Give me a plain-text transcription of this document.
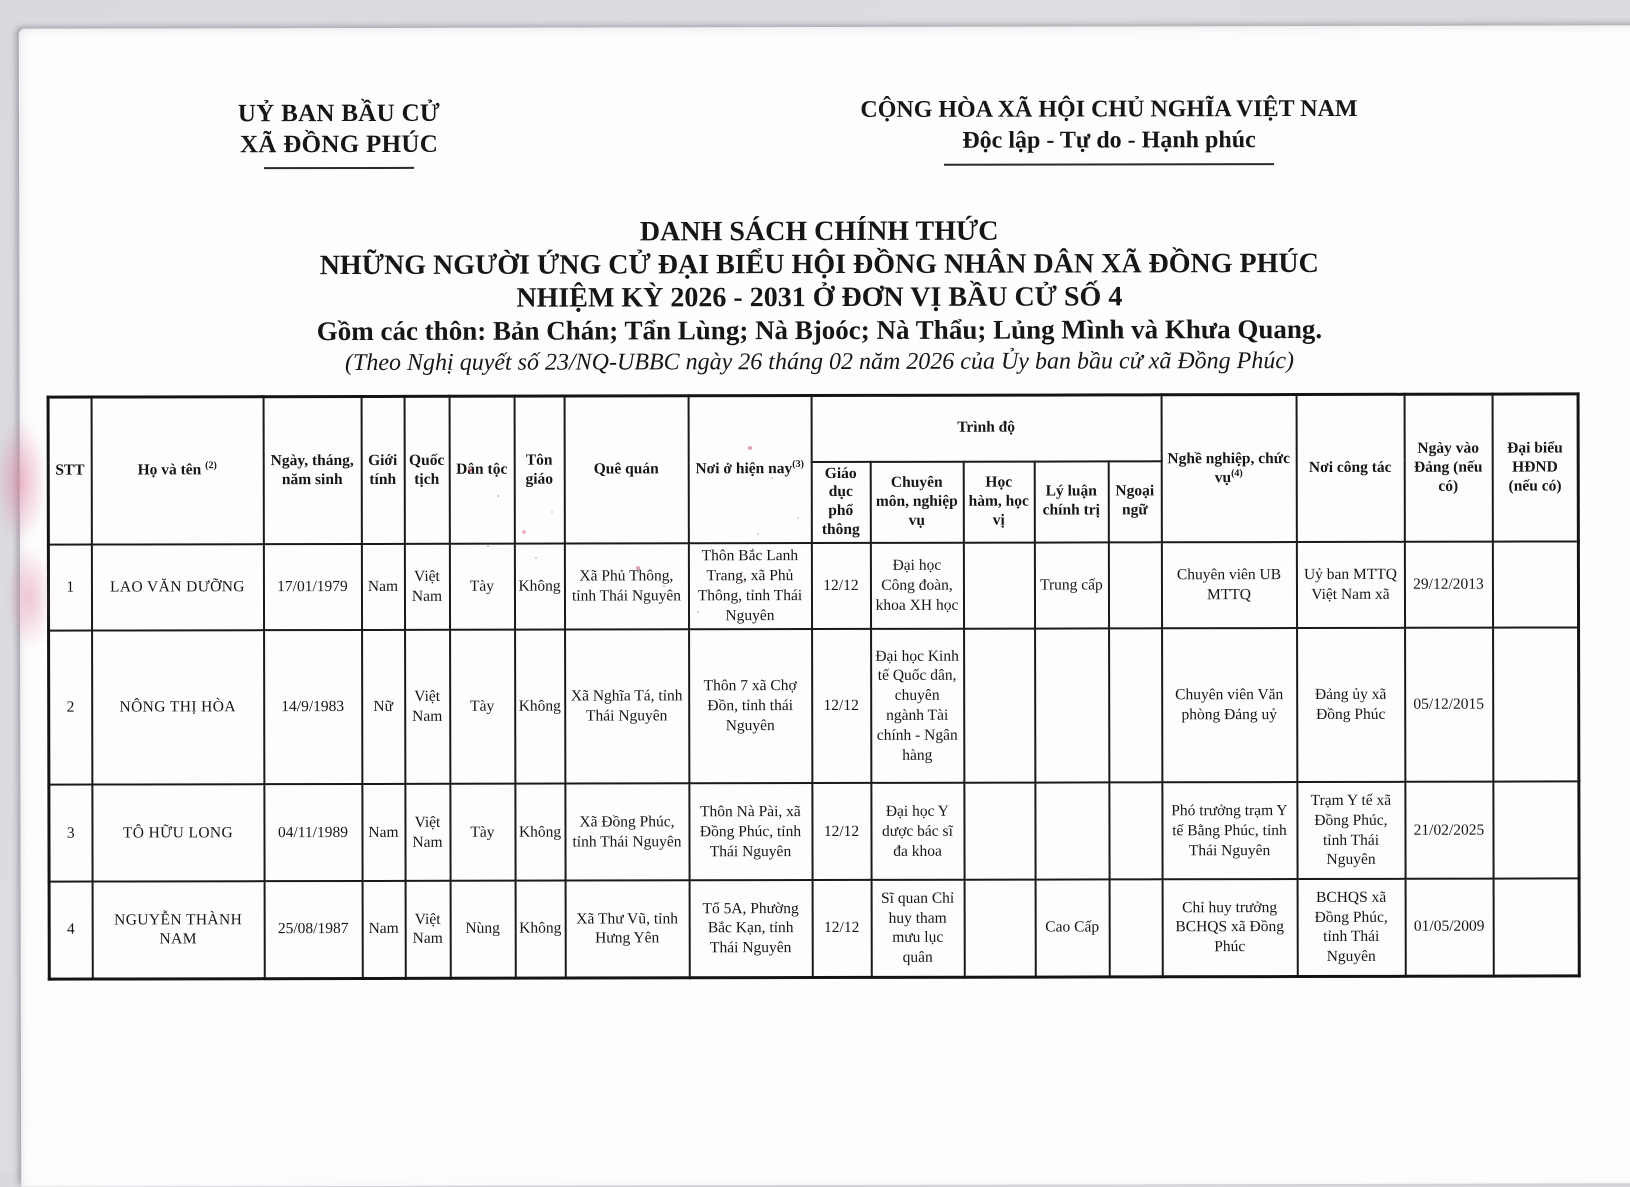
UỶ BAN BẦU CỬ
XÃ ĐỒNG PHÚC
CỘNG HÒA XÃ HỘI CHỦ NGHĨA VIỆT NAM
Độc lập - Tự do - Hạnh phúc
DANH SÁCH CHÍNH THỨC
NHỮNG NGƯỜI ỨNG CỬ ĐẠI BIỂU HỘI ĐỒNG NHÂN DÂN XÃ ĐỒNG PHÚC
NHIỆM KỲ 2026 - 2031 Ở ĐƠN VỊ BẦU CỬ SỐ 4
Gồm các thôn: Bản Chán; Tẩn Lùng; Nà Bjoóc; Nà Thẩu; Lủng Mình và Khưa Quang.
(Theo Nghị quyết số 23/NQ-UBBC ngày 26 tháng 02 năm 2026 của Ủy ban bầu cử xã Đồng Phúc)
STT	Họ và tên $^{(2)}$	Ngày, tháng, năm sinh	Giới tính	Quốc tịch	Dân tộc	Tôn giáo	Quê quán	Nơi ở hiện nay$^{(3)}$	Trình độ					Nghề nghiệp, chức vụ$^{(4)}$	Nơi công tác	Ngày vào Đảng (nếu có)	Đại biểu HĐND (nếu có)
									Giáo dục phổ thông	Chuyên môn, nghiệp vụ	Học hàm, học vị	Lý luận chính trị	Ngoại ngữ				
1	LAO VĂN DƯỠNG	17/01/1979	Nam	Việt Nam	Tày	Không	Xã Phủ Thông, tỉnh Thái Nguyên	Thôn Bắc Lanh Trang, xã Phủ Thông, tỉnh Thái Nguyên	12/12	Đại học Công đoàn, khoa XH học		Trung cấp		Chuyên viên UB MTTQ	Uỷ ban MTTQ Việt Nam xã	29/12/2013	
2	NÔNG THỊ HÒA	14/9/1983	Nữ	Việt Nam	Tày	Không	Xã Nghĩa Tá, tỉnh Thái Nguyên	Thôn 7 xã Chợ Đồn, tỉnh thái Nguyên	12/12	Đại học Kinh tế Quốc dân, chuyên ngành Tài chính - Ngân hàng				Chuyên viên Văn phòng Đảng uỷ	Đảng ủy xã Đồng Phúc	05/12/2015	
3	TÔ HỮU LONG	04/11/1989	Nam	Việt Nam	Tày	Không	Xã Đồng Phúc, tỉnh Thái Nguyên	Thôn Nà Pài, xã Đồng Phúc, tỉnh Thái Nguyên	12/12	Đại học Y dược bác sĩ đa khoa				Phó trưởng trạm Y tế Bằng Phúc, tỉnh Thái Nguyên	Trạm Y tế xã Đồng Phúc, tỉnh Thái Nguyên	21/02/2025	
4	NGUYỄN THÀNH NAM	25/08/1987	Nam	Việt Nam	Nùng	Không	Xã Thư Vũ, tỉnh Hưng Yên	Tổ 5A, Phường Bắc Kạn, tỉnh Thái Nguyên	12/12	Sĩ quan Chỉ huy tham mưu lục quân		Cao Cấp		Chỉ huy trưởng BCHQS xã Đồng Phúc	BCHQS xã Đồng Phúc, tỉnh Thái Nguyên	01/05/2009	
